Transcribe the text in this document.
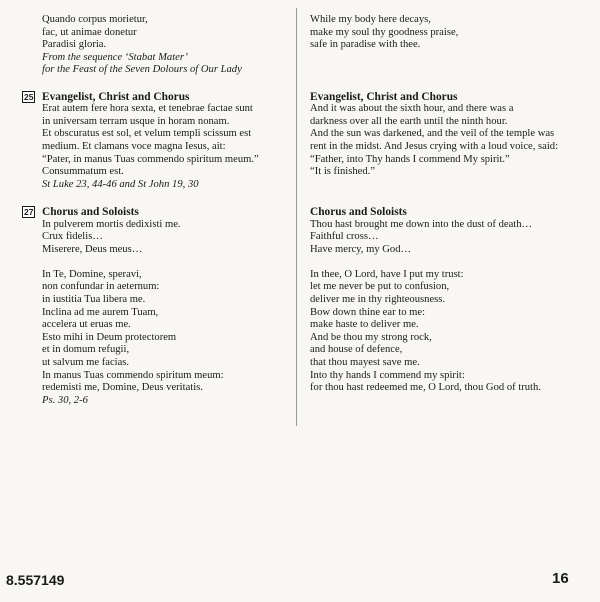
Quando corpus morietur,
fac, ut animae donetur
Paradisi gloria.
From the sequence ‘Stabat Mater’
for the Feast of the Seven Dolours of Our Lady
25 Evangelist, Christ and Chorus
Erat autem fere hora sexta, et tenebrae factae sunt
in universam terram usque in horam nonam.
Et obscuratus est sol, et velum templi scissum est
medium. Et clamans voce magna Iesus, ait:
“Pater, in manus Tuas commendo spiritum meum.”
Consummatum est.
St Luke 23, 44-46 and St John 19, 30
27 Chorus and Soloists
In pulverem mortis dedixisti me.
Crux fidelis…
Miserere, Deus meus…
In Te, Domine, speravi,
non confundar in aeternum:
in iustitia Tua libera me.
Inclina ad me aurem Tuam,
accelera ut eruas me.
Esto mihi in Deum protectorem
et in domum refugii,
ut salvum me facias.
In manus Tuas commendo spiritum meum:
redemisti me, Domine, Deus veritatis.
Ps. 30, 2-6
While my body here decays,
make my soul thy goodness praise,
safe in paradise with thee.
Evangelist, Christ and Chorus
And it was about the sixth hour, and there was a
darkness over all the earth until the ninth hour.
And the sun was darkened, and the veil of the temple was
rent in the midst. And Jesus crying with a loud voice, said:
“Father, into Thy hands I commend My spirit.”
“It is finished.”
Chorus and Soloists
Thou hast brought me down into the dust of death…
Faithful cross…
Have mercy, my God…
In thee, O Lord, have I put my trust:
let me never be put to confusion,
deliver me in thy righteousness.
Bow down thine ear to me:
make haste to deliver me.
And be thou my strong rock,
and house of defence,
that thou mayest save me.
Into thy hands I commend my spirit:
for thou hast redeemed me, O Lord, thou God of truth.
8.557149	16
